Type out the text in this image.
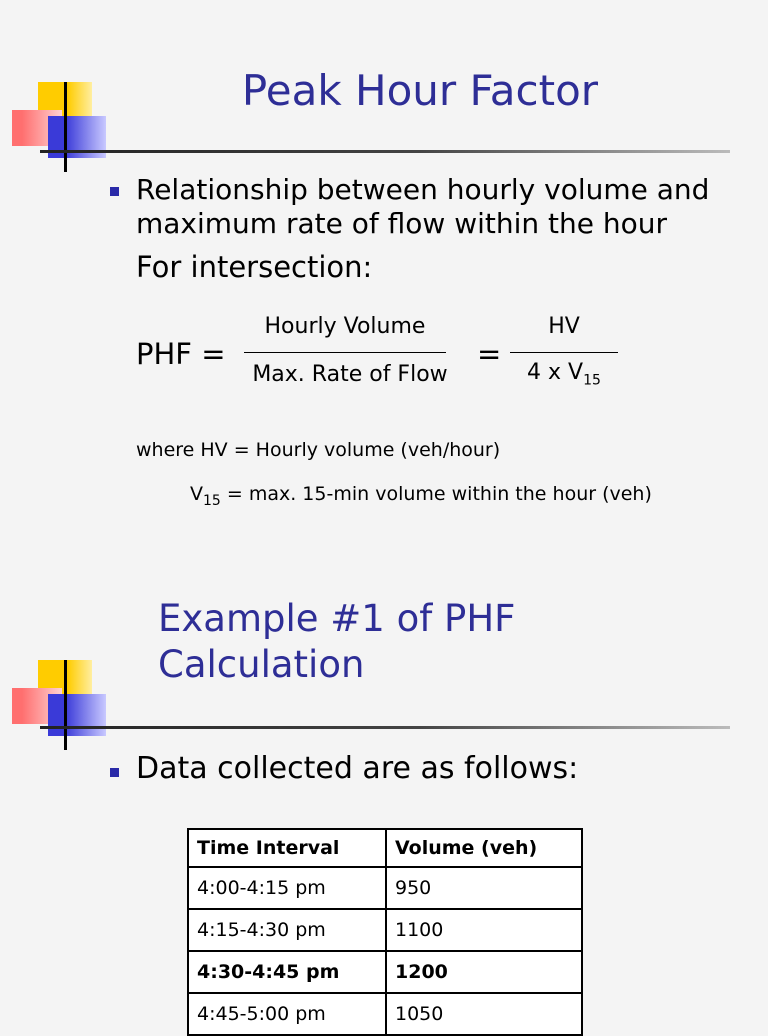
Peak Hour Factor
Relationship between hourly volume and maximum rate of flow within the hour
For intersection:
PHF =
Hourly Volume
Max. Rate of Flow
=
HV
4 x $V_{15}$
where HV = Hourly volume (veh/hour)
$V_{15} = \max$. 15-min volume within the hour (veh)
Example #1 of PHF
Calculation
Data collected are as follows:
Time Interval	Volume (veh)
4:00-4:15 pm	950
4:15-4:30 pm	1100
4:30-4:45 pm	1200
4:45-5:00 pm	1050
